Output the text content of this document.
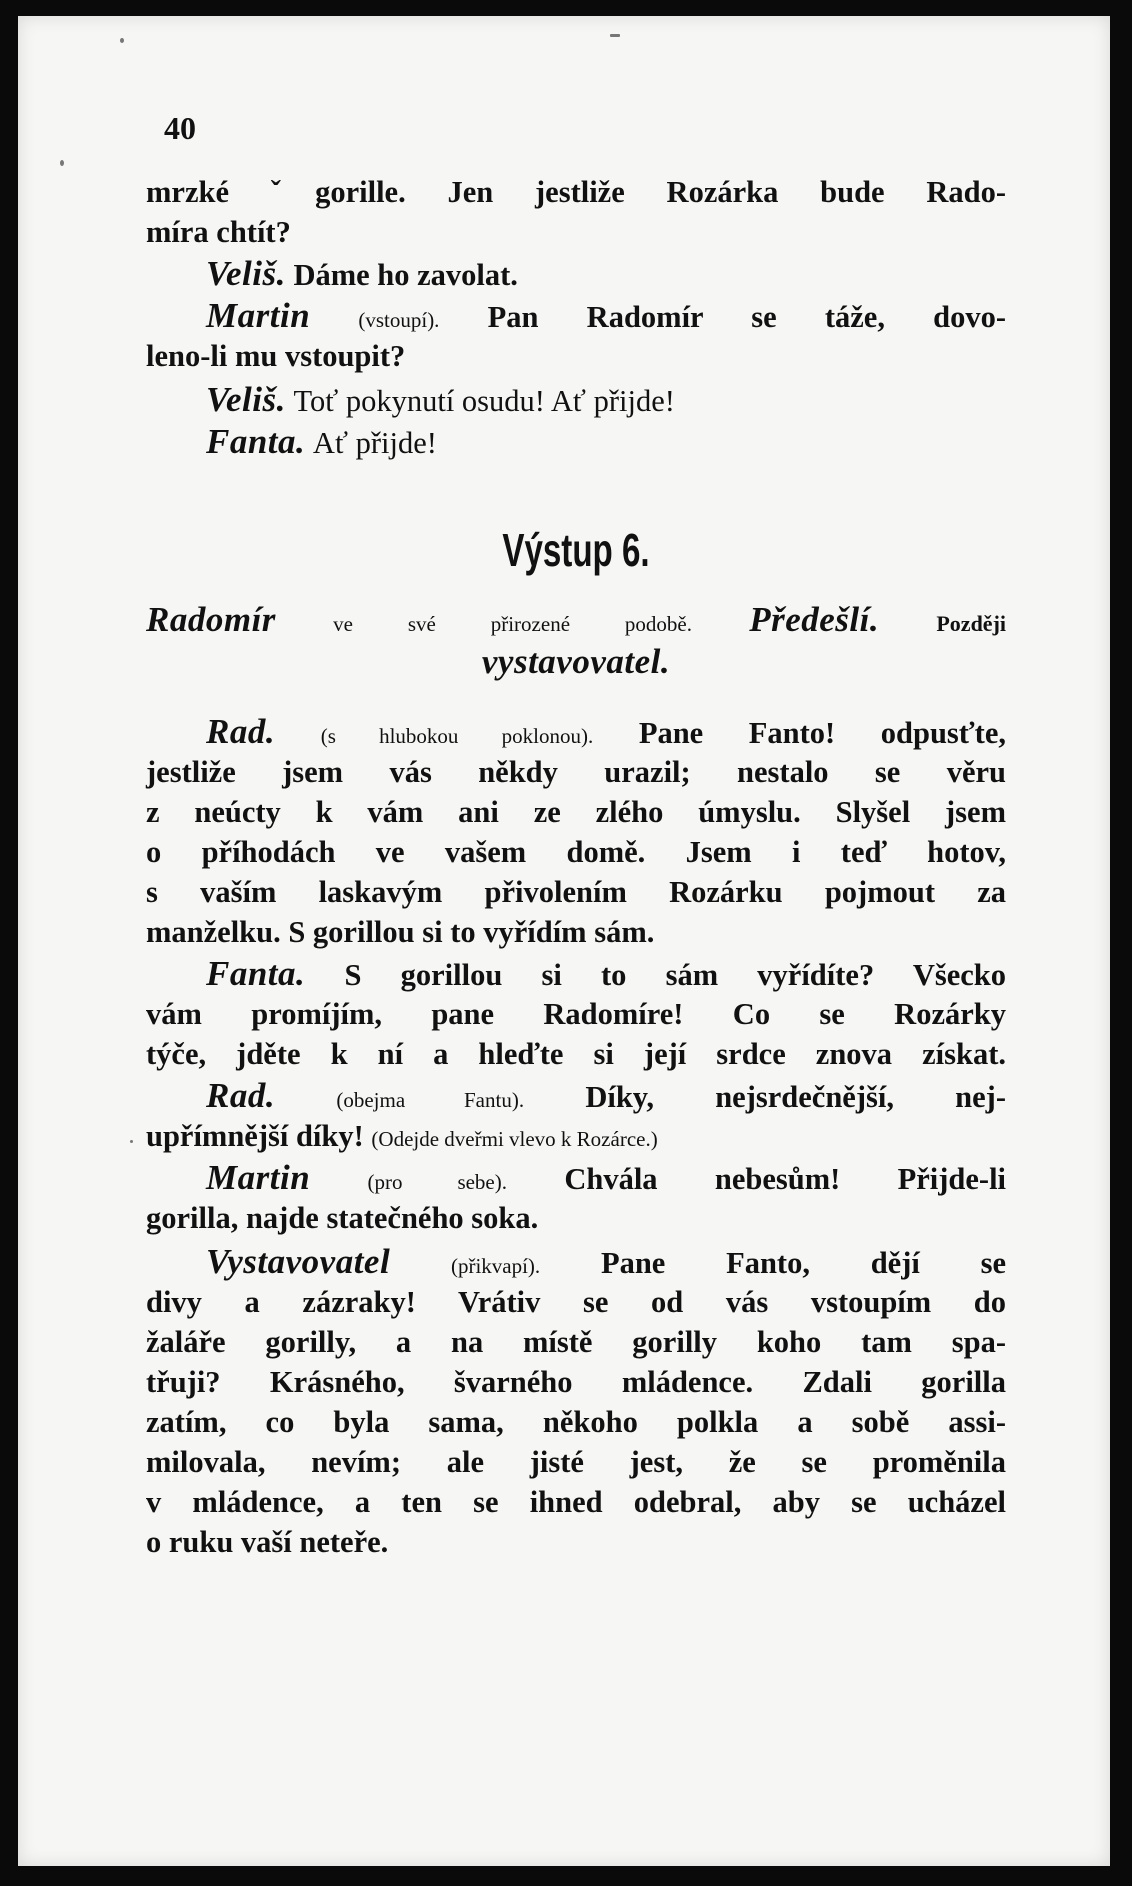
40
mrzké ˇgorille. Jen jestliže Rozárka bude Rado-
míra chtít?
Veliš. Dáme ho zavolat.
Martin (vstoupí). Pan Radomír se táže, dovo-
leno-li mu vstoupit?
Veliš. Toť pokynutí osudu! Ať přijde!
Fanta. Ať přijde!
Výstup 6.
Radomír	ve své přirozené podobě. Předešlí.	Později
vystavovatel.
Rad. (s hlubokou poklonou). Pane Fanto! odpusťte,
jestliže jsem vás někdy urazil; nestalo se věru
z neúcty k vám ani ze zlého úmyslu. Slyšel jsem
o příhodách ve vašem domě. Jsem i teď hotov,
s vaším laskavým přivolením Rozárku pojmout za
manželku. S gorillou si to vyřídím sám.
Fanta. S gorillou si to sám vyřídíte? Všecko
vám promíjím, pane Radomíre! Co se Rozárky
týče, jděte k ní a hleďte si její srdce znova získat.
Rad.	(obejma Fantu). Díky, nejsrdečnější, nej-
upřímnější díky! (Odejde dveřmi vlevo k Rozárce.)
Martin	(pro sebe). Chvála nebesům! Přijde-li
gorilla, najde statečného soka.
Vystavovatel	(přikvapí). Pane Fanto, dějí se
divy a zázraky! Vrátiv se od vás vstoupím do
žaláře gorilly, a na místě gorilly koho tam spa-
třuji? Krásného, švarného mládence. Zdali gorilla
zatím, co byla sama, někoho polkla a sobě assi-
milovala, nevím; ale jisté jest, že se proměnila
v mládence, a ten se ihned odebral, aby se ucházel
o ruku vaší neteře.
